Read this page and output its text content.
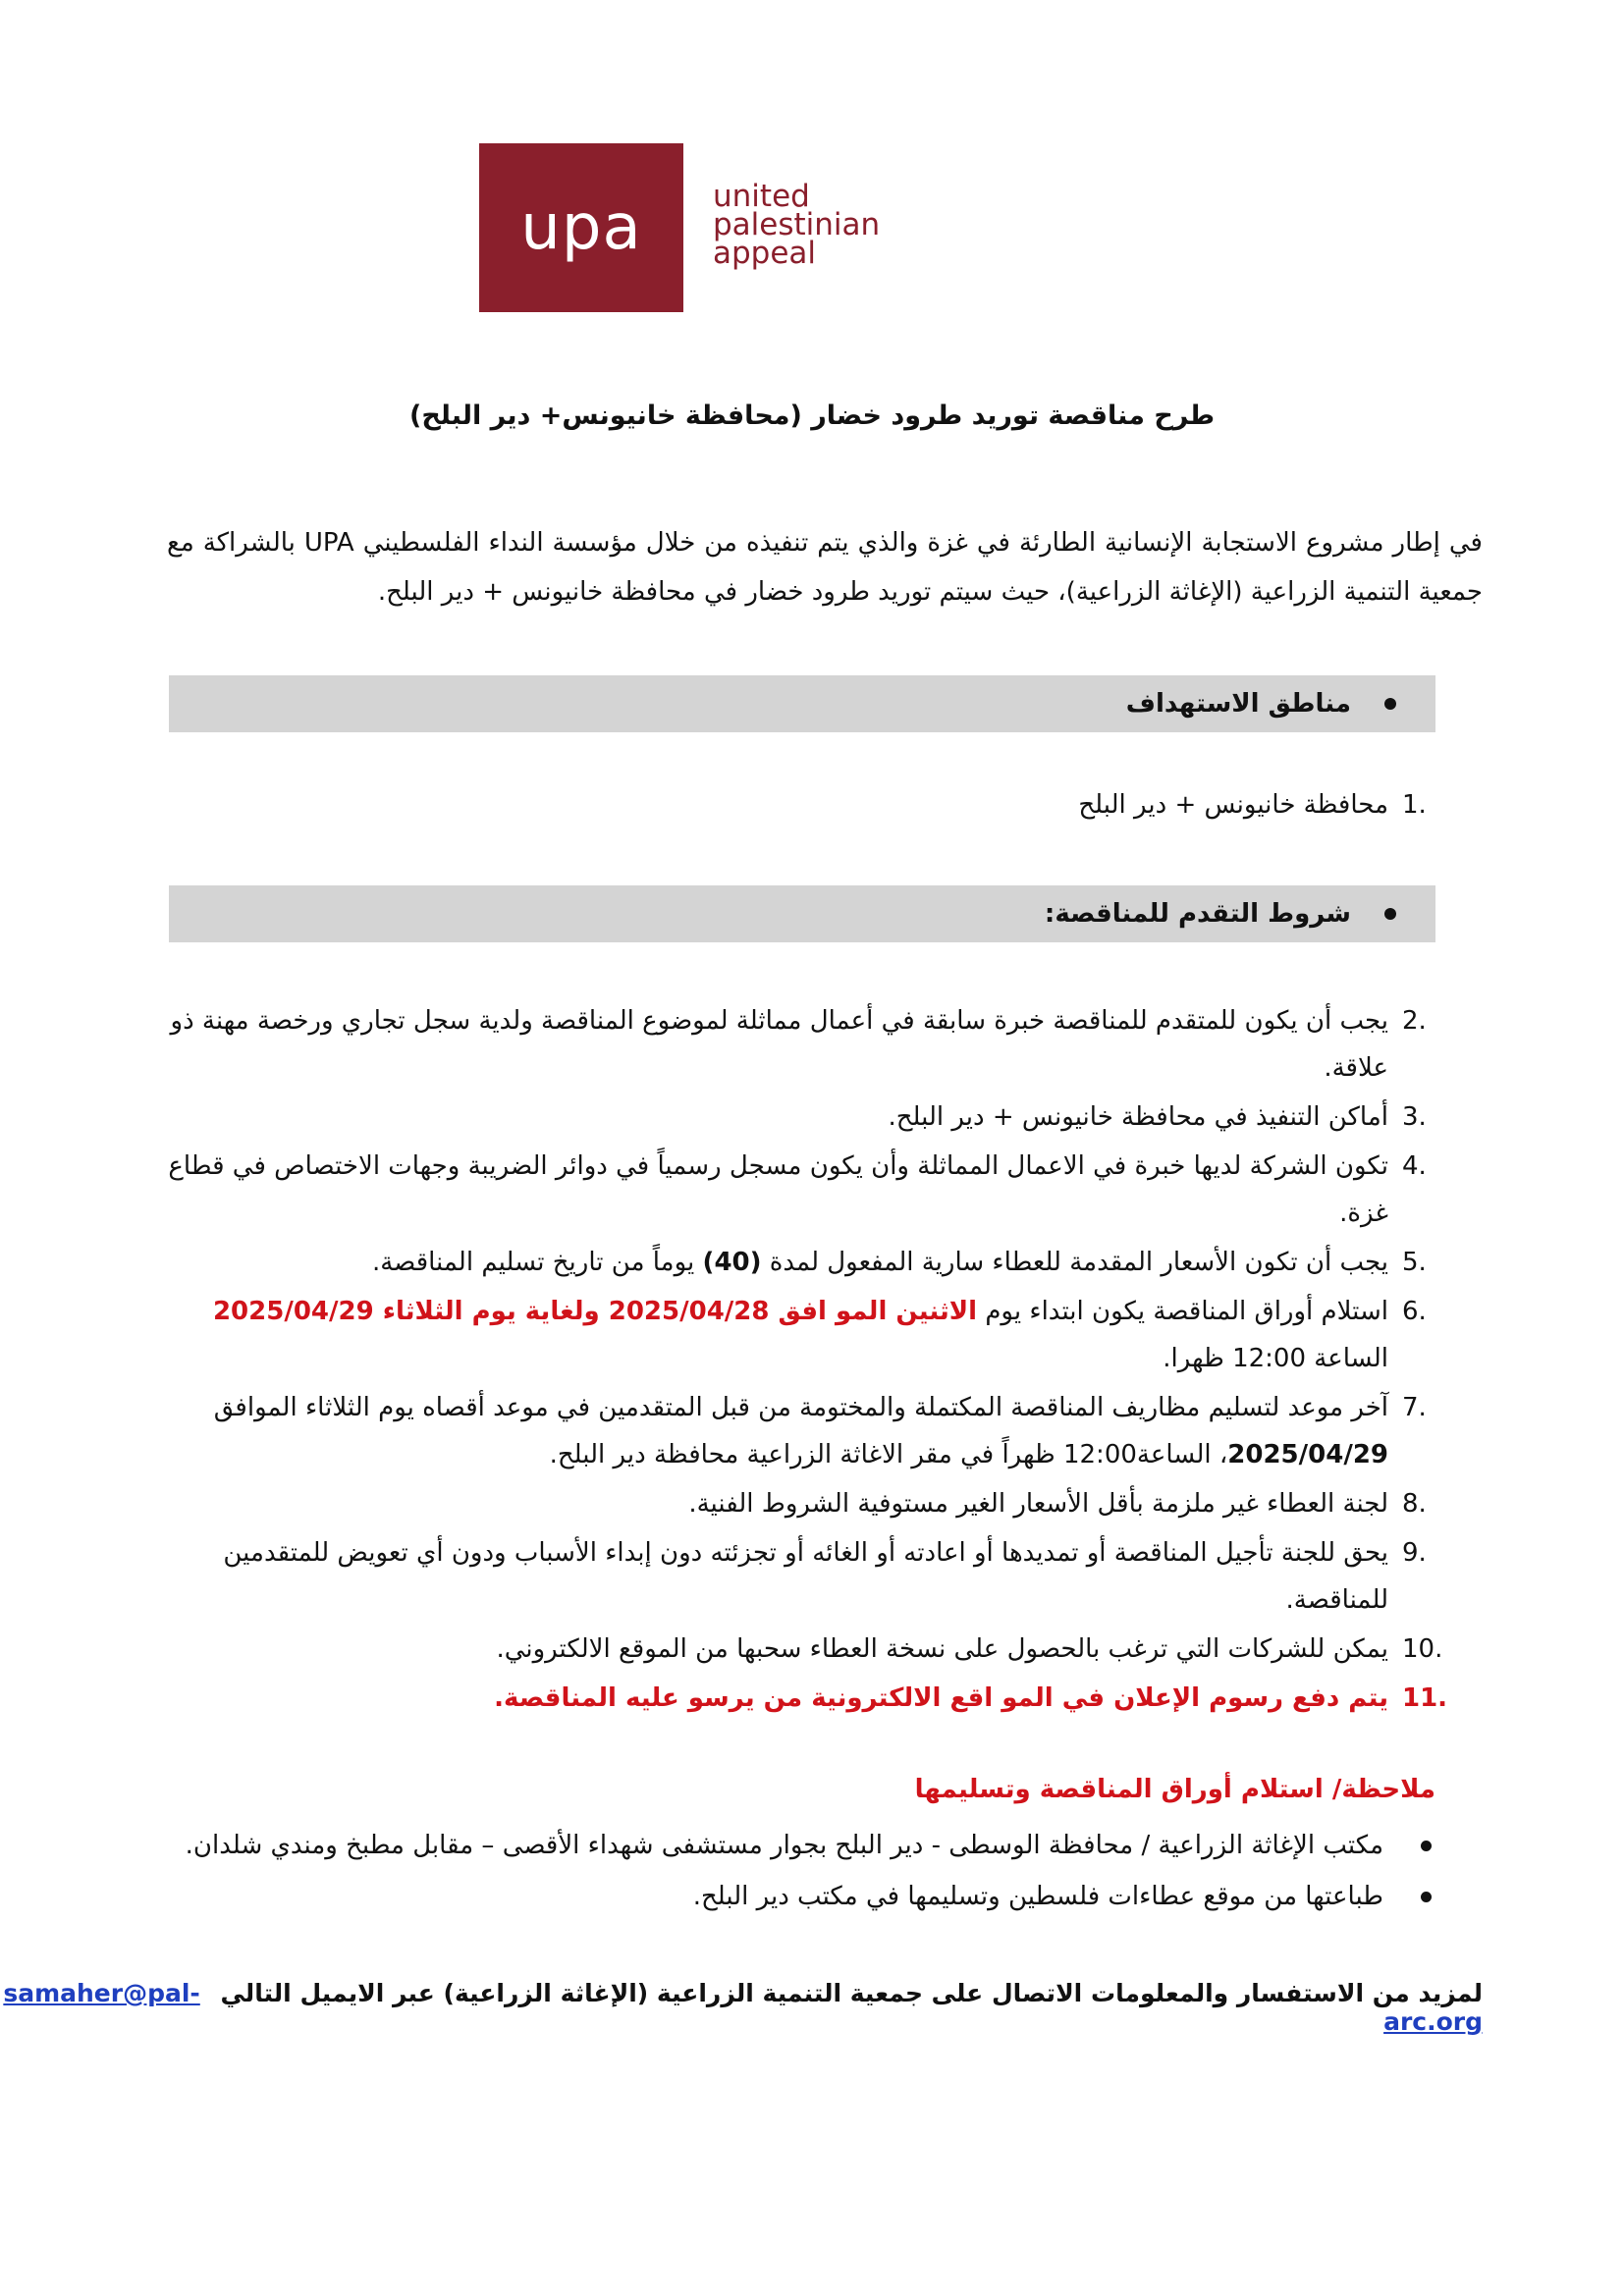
upa united
palestinian
appeal
طرح مناقصة توريد طرود خضار (محافظة خانيونس+ دير البلح)
في إطار مشروع الاستجابة الإنسانية الطارئة في غزة والذي يتم تنفيذه من خلال مؤسسة النداء الفلسطيني UPA بالشراكة مع جمعية التنمية الزراعية (الإغاثة الزراعية)، حيث سيتم توريد طرود خضار في محافظة خانيونس + دير البلح.
مناطق الاستهداف
1.
محافظة خانيونس + دير البلح
شروط التقدم للمناقصة:
2.
يجب أن يكون للمتقدم للمناقصة خبرة سابقة في أعمال مماثلة لموضوع المناقصة ولدية سجل تجاري ورخصة مهنة ذو علاقة.
3.
أماكن التنفيذ في محافظة خانيونس + دير البلح.
4.
تكون الشركة لديها خبرة في الاعمال المماثلة وأن يكون مسجل رسمياً في دوائر الضريبة وجهات الاختصاص في قطاع غزة.
5.
يجب أن تكون الأسعار المقدمة للعطاء سارية المفعول لمدة (40) يوماً من تاريخ تسليم المناقصة.
6.
استلام أوراق المناقصة يكون ابتداء يوم الاثنين المو افق 2025/04/28 ولغاية يوم الثلاثاء 2025/04/29 الساعة 12:00 ظهرا.
7.
آخر موعد لتسليم مظاريف المناقصة المكتملة والمختومة من قبل المتقدمين في موعد أقصاه يوم الثلاثاء الموافق 2025/04/29، الساعة12:00 ظهراً في مقر الاغاثة الزراعية محافظة دير البلح.
8.
لجنة العطاء غير ملزمة بأقل الأسعار الغير مستوفية الشروط الفنية.
9.
يحق للجنة تأجيل المناقصة أو تمديدها أو اعادته أو الغائه أو تجزئته دون إبداء الأسباب ودون أي تعويض للمتقدمين للمناقصة.
10.
يمكن للشركات التي ترغب بالحصول على نسخة العطاء سحبها من الموقع الالكتروني.
11.
يتم دفع رسوم الإعلان في المو اقع الالكترونية من يرسو عليه المناقصة.
ملاحظة/ استلام أوراق المناقصة وتسليمها
مكتب الإغاثة الزراعية / محافظة الوسطى - دير البلح بجوار مستشفى شهداء الأقصى – مقابل مطبخ ومندي شلدان.
طباعتها من موقع عطاءات فلسطين وتسليمها في مكتب دير البلح.
لمزيد من الاستفسار والمعلومات الاتصال على جمعية التنمية الزراعية (الإغاثة الزراعية) عبر الايميل التالي samaher@pal-arc.org
